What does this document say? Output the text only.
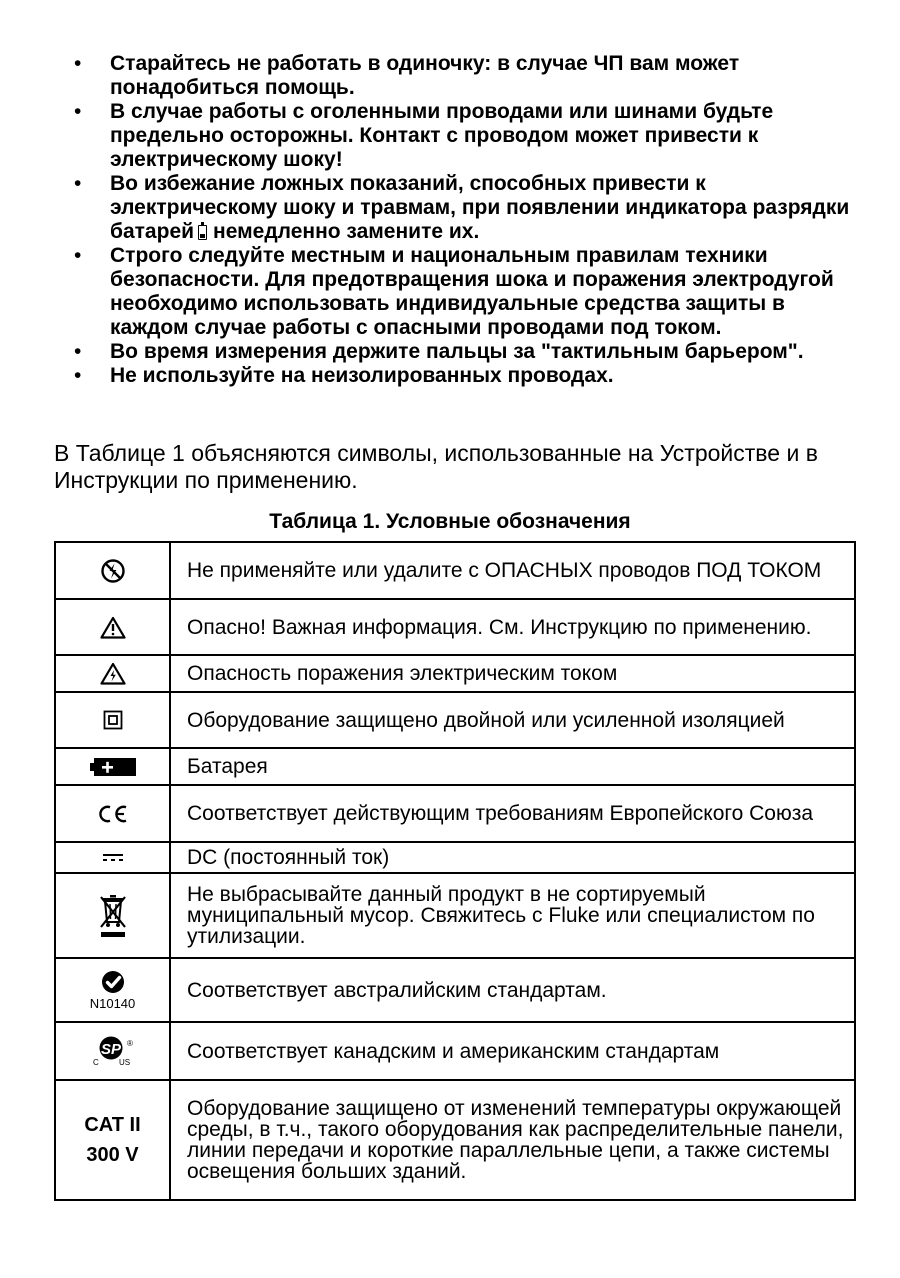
• Старайтесь не работать в одиночку: в случае ЧП вам может понадобиться помощь.
• В случае работы с оголенными проводами или шинами будьте предельно осторожны. Контакт с проводом может привести к электрическому шоку!
• Во избежание ложных показаний, способных привести к электрическому шоку и травмам, при появлении индикатора разрядки батарей немедленно замените их.
• Строго следуйте местным и национальным правилам техники безопасности. Для предотвращения шока и поражения электродугой необходимо использовать индивидуальные средства защиты в каждом случае работы с опасными проводами под током.
• Во время измерения держите пальцы за "тактильным барьером".
• Не используйте на неизолированных проводах.
В Таблице 1 объясняются символы, использованные на Устройстве и в Инструкции по применению.
Таблица 1. Условные обозначения
	Не применяйте или удалите с ОПАСНЫХ проводов ПОД ТОКОМ

	Опасно! Важная информация. См. Инструкцию по применению.

	Опасность поражения электрическим током

	Оборудование защищено двойной или усиленной изоляцией

	Батарея

	Соответствует действующим требованиям Европейского Союза

	DC (постоянный ток)

	Не выбрасывайте данный продукт в не сортируемый муниципальный мусор. Свяжитесь с Fluke или специалистом по утилизации.

N10140	Соответствует австралийским стандартам.

SP ®
C US	Соответствует канадским и американским стандартам

CAT II
300 V	Оборудование защищено от изменений температуры окружающей среды, в т.ч., такого оборудования как распределительные панели, линии передачи и короткие параллельные цепи, а также системы освещения больших зданий.
